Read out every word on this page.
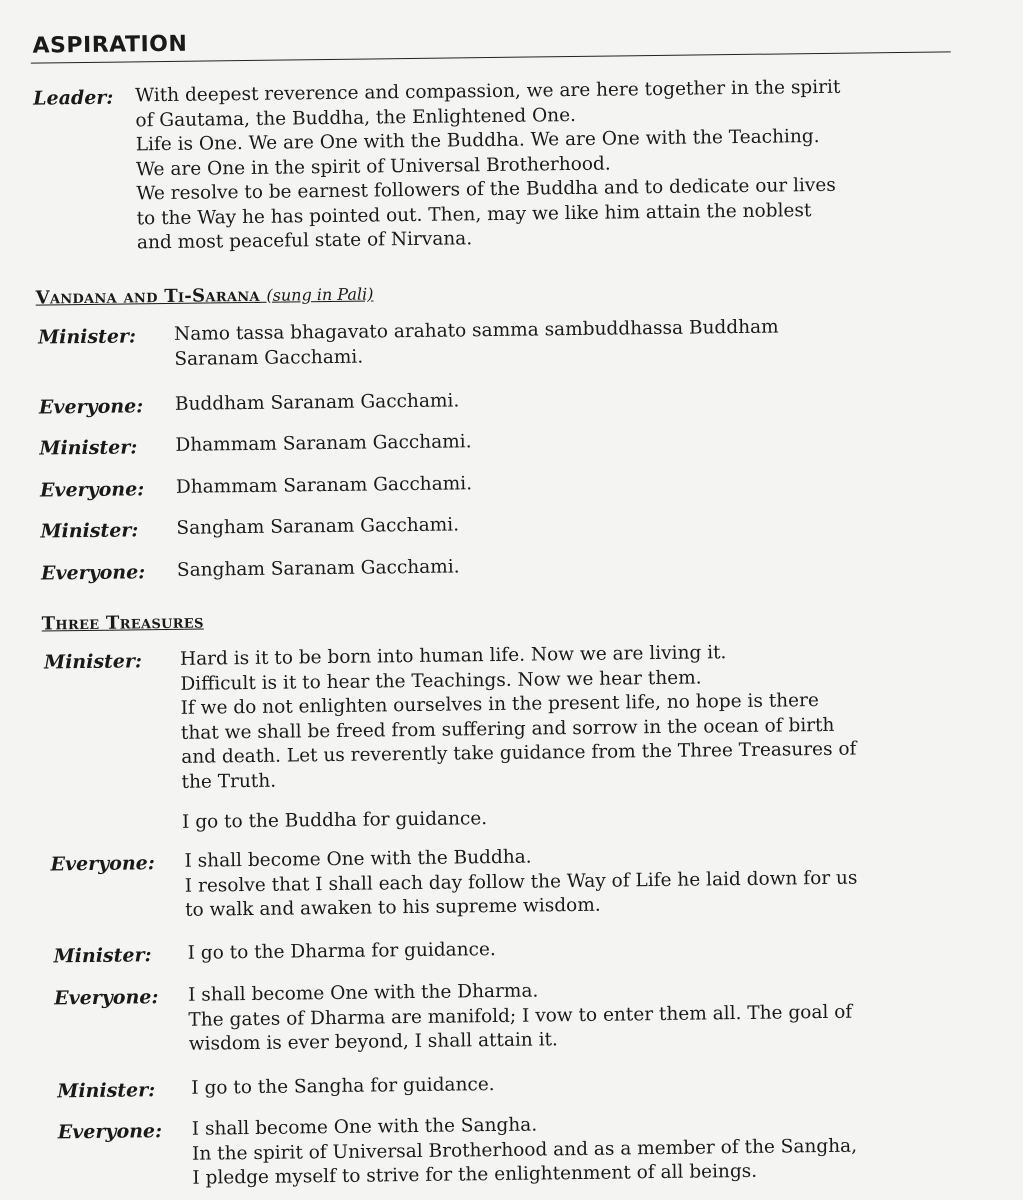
ASPIRATION
Leader: With deepest reverence and compassion, we are here together in the spirit
of Gautama, the Buddha, the Enlightened One.
Life is One. We are One with the Buddha. We are One with the Teaching.
We are One in the spirit of Universal Brotherhood.
We resolve to be earnest followers of the Buddha and to dedicate our lives
to the Way he has pointed out. Then, may we like him attain the noblest
and most peaceful state of Nirvana.
Vandana and Ti-Sarana (sung in Pali)
Minister: Namo tassa bhagavato arahato samma sambuddhassa Buddham
Saranam Gacchami.
Everyone: Buddham Saranam Gacchami.
Minister: Dhammam Saranam Gacchami.
Everyone: Dhammam Saranam Gacchami.
Minister: Sangham Saranam Gacchami.
Everyone: Sangham Saranam Gacchami.
Three Treasures
Minister: Hard is it to be born into human life. Now we are living it.
Difficult is it to hear the Teachings. Now we hear them.
If we do not enlighten ourselves in the present life, no hope is there
that we shall be freed from suffering and sorrow in the ocean of birth
and death. Let us reverently take guidance from the Three Treasures of
the Truth.
I go to the Buddha for guidance.
Everyone: I shall become One with the Buddha.
I resolve that I shall each day follow the Way of Life he laid down for us
to walk and awaken to his supreme wisdom.
Minister: I go to the Dharma for guidance.
Everyone: I shall become One with the Dharma.
The gates of Dharma are manifold; I vow to enter them all. The goal of
wisdom is ever beyond, I shall attain it.
Minister: I go to the Sangha for guidance.
Everyone: I shall become One with the Sangha.
In the spirit of Universal Brotherhood and as a member of the Sangha,
I pledge myself to strive for the enlightenment of all beings.
